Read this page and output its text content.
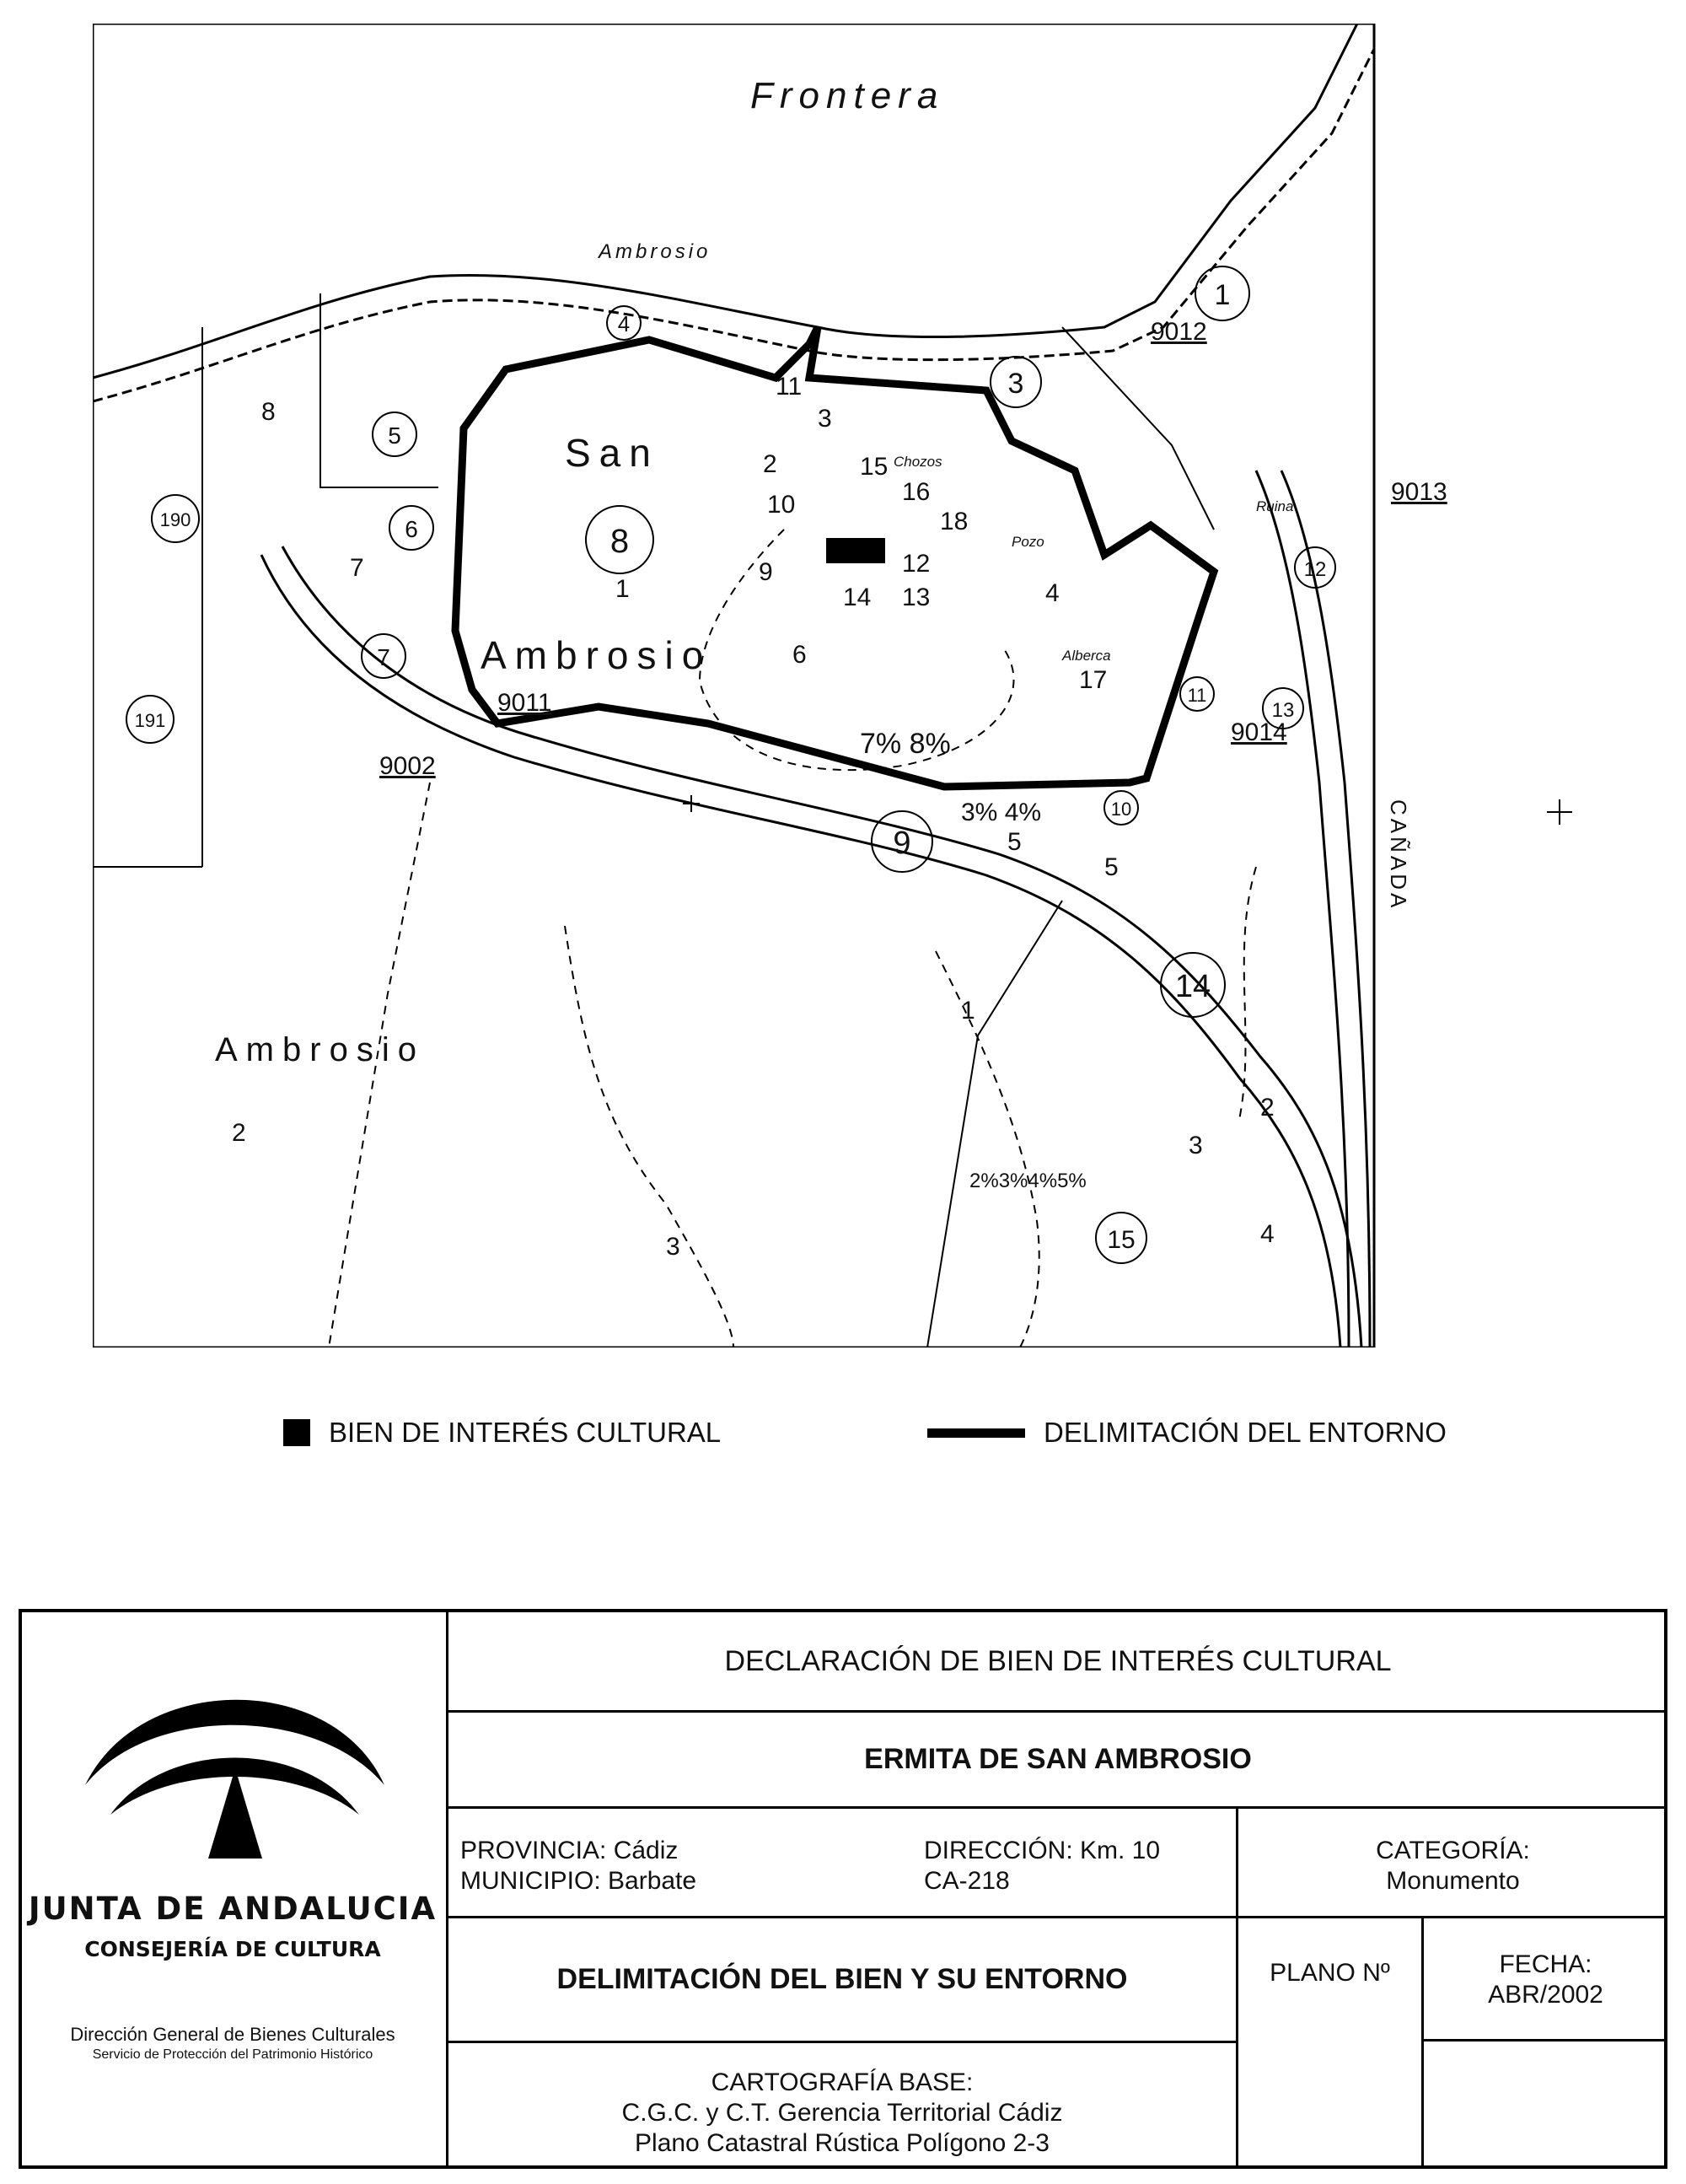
Frontera
Ambrosio
San
Ambrosio
Ambrosio
CAÑADA
Chozos
Pozo
Ruina
Alberca
7% 8%
3% 4%
2%3%4%5%
9011
9002
9012
9013
9014
1
3
4
5
6
7
8
9
10
11
12
13
14
15
190
191
1
2
3
4
5
6
7
8
9
10
11
12
13
14
15
16
17
18
1
2
3
4
5
2
3
BIEN DE INTERÉS CULTURAL	DELIMITACIÓN DEL ENTORNO
JUNTA DE ANDALUCIA
CONSEJERÍA DE CULTURA
Dirección General de Bienes Culturales
Servicio de Protección del Patrimonio Histórico
DECLARACIÓN DE BIEN DE INTERÉS CULTURAL
ERMITA DE SAN AMBROSIO
PROVINCIA: Cádiz
MUNICIPIO: Barbate
DIRECCIÓN: Km. 10
CA-218
CATEGORÍA:
Monumento
DELIMITACIÓN DEL BIEN Y SU ENTORNO	PLANO Nº	FECHA:
ABR/2002
CARTOGRAFÍA BASE:
C.G.C. y C.T. Gerencia Territorial Cádiz
Plano Catastral Rústica Polígono 2-3
